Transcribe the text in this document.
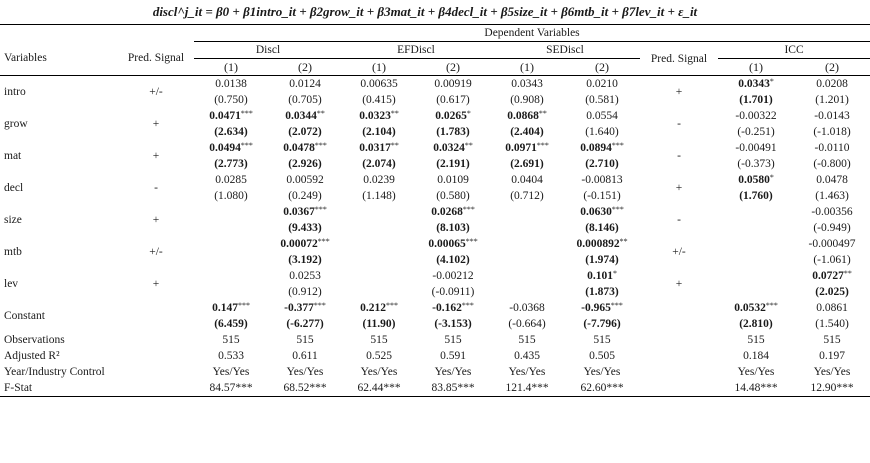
discl^j_it = β0 + β1intro_it + β2grow_it + β3mat_it + β4decl_it + β5size_it + β6mtb_it + β7lev_it + ε_it
		Dependent Variables								
Variables	Pred. Signal	Discl		EFDiscl		SEDiscl		Pred. Signal	ICC	
		(1)	(2)	(1)	(2)	(1)	(2)		(1)	(2)
intro	+/-	0.0138	0.0124	0.00635	0.00919	0.0343	0.0210	+	0.0343*	0.0208
		(0.750)	(0.705)	(0.415)	(0.617)	(0.908)	(0.581)		(1.701)	(1.201)
grow	+	0.0471***	0.0344**	0.0323**	0.0265*	0.0868**	0.0554	-	-0.00322	-0.0143
		(2.634)	(2.072)	(2.104)	(1.783)	(2.404)	(1.640)		(-0.251)	(-1.018)
mat	+	0.0494***	0.0478***	0.0317**	0.0324**	0.0971***	0.0894***	-	-0.00491	-0.0110
		(2.773)	(2.926)	(2.074)	(2.191)	(2.691)	(2.710)		(-0.373)	(-0.800)
decl	-	0.0285	0.00592	0.0239	0.0109	0.0404	-0.00813	+	0.0580*	0.0478
		(1.080)	(0.249)	(1.148)	(0.580)	(0.712)	(-0.151)		(1.760)	(1.463)
size	+		0.0367***		0.0268***		0.0630***	-		-0.00356
			(9.433)		(8.103)		(8.146)			(-0.949)
mtb	+/-		0.00072***		0.00065***		0.000892**	+/-		-0.000497
			(3.192)		(4.102)		(1.974)			(-1.061)
lev	+		0.0253		-0.00212		0.101*	+		0.0727**
			(0.912)		(-0.0911)		(1.873)			(2.025)
Constant		0.147***	-0.377***	0.212***	-0.162***	-0.0368	-0.965***		0.0532***	0.0861
		(6.459)	(-6.277)	(11.90)	(-3.153)	(-0.664)	(-7.796)		(2.810)	(1.540)
Observations		515	515	515	515	515	515		515	515
Adjusted R²		0.533	0.611	0.525	0.591	0.435	0.505		0.184	0.197
Year/Industry Control		Yes/Yes	Yes/Yes	Yes/Yes	Yes/Yes	Yes/Yes	Yes/Yes		Yes/Yes	Yes/Yes
F-Stat		84.57***	68.52***	62.44***	83.85***	121.4***	62.60***		14.48***	12.90***
